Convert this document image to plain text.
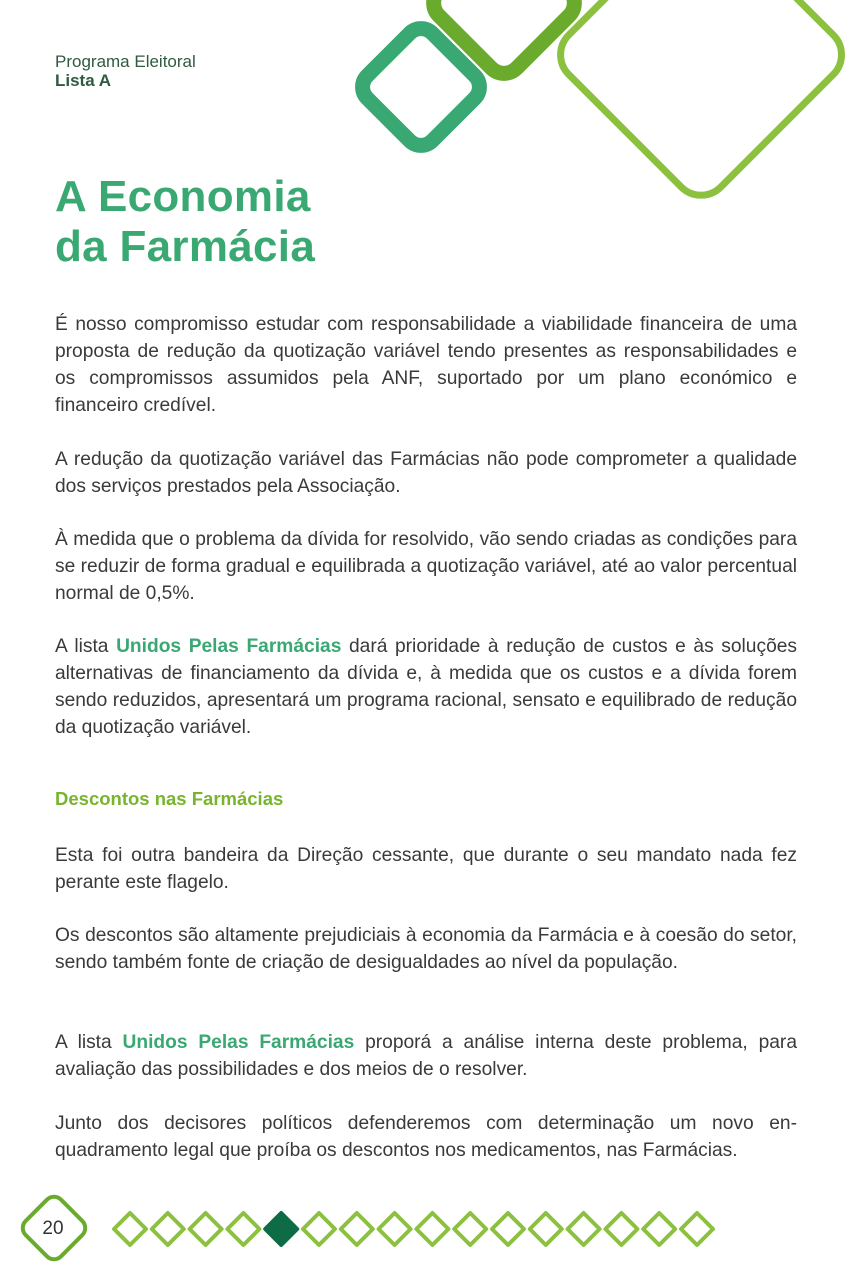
Programa Eleitoral
Lista A
A Economia
da Farmácia

É nosso compromisso estudar com responsabilidade a viabilidade financeira de uma proposta de redução da quotização variável tendo presentes as responsabilidades e os compromissos assumidos pela ANF, suportado por um plano económico e financeiro credível.

A redução da quotização variável das Farmácias não pode comprometer a qualidade dos serviços prestados pela Associação.

À medida que o problema da dívida for resolvido, vão sendo criadas as condições para se reduzir de forma gradual e equilibrada a quotização variável, até ao valor percentual normal de 0,5%.

A lista Unidos Pelas Farmácias dará prioridade à redução de custos e às soluções alternativas de financiamento da dívida e, à medida que os custos e a dívida forem sendo reduzidos, apresentará um programa racional, sensato e equilibrado de redução da quotização variável.

Descontos nas Farmácias

Esta foi outra bandeira da Direção cessante, que durante o seu mandato nada fez perante este flagelo.

Os descontos são altamente prejudiciais à economia da Farmácia e à coesão do setor, sendo também fonte de criação de desigualdades ao nível da população.

A lista Unidos Pelas Farmácias proporá a análise interna deste problema, para avaliação das possibilidades e dos meios de o resolver.

Junto dos decisores políticos defenderemos com determinação um novo enquadramento legal que proíba os descontos nos medicamentos, nas Farmácias.

20
